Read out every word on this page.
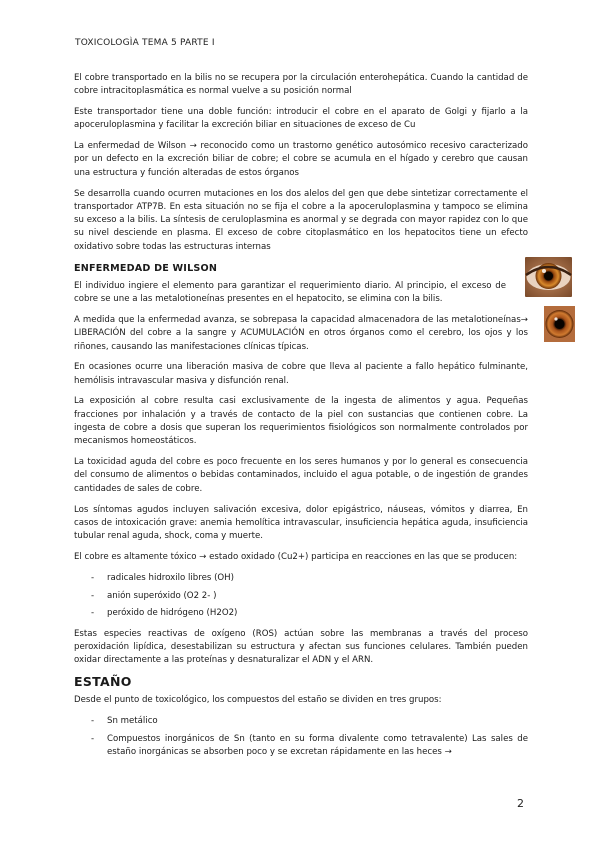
TOXICOLOGÌA TEMA 5 PARTE I

El cobre transportado en la bilis no se recupera por la circulación enterohepática. Cuando la cantidad de cobre intracitoplasmática es normal vuelve a su posición normal

Este transportador tiene una doble función: introducir el cobre en el aparato de Golgi y fijarlo a la apoceruloplasmina y facilitar la excreción biliar en situaciones de exceso de Cu

La enfermedad de Wilson → reconocido como un trastorno genético autosómico recesivo caracterizado por un defecto en la excreción biliar de cobre; el cobre se acumula en el hígado y cerebro que causan una estructura y función alteradas de estos órganos

Se desarrolla cuando ocurren mutaciones en los dos alelos del gen que debe sintetizar correctamente el transportador ATP7B. En esta situación no se fija el cobre a la apoceruloplasmina y tampoco se elimina su exceso a la bilis. La síntesis de ceruloplasmina es anormal y se degrada con mayor rapidez con lo que su nivel desciende en plasma. El exceso de cobre citoplasmático en los hepatocitos tiene un efecto oxidativo sobre todas las estructuras internas

ENFERMEDAD DE WILSON

El individuo ingiere el elemento para garantizar el requerimiento diario. Al principio, el exceso de cobre se une a las metalotioneínas presentes en el hepatocito, se elimina con la bilis.

A medida que la enfermedad avanza, se sobrepasa la capacidad almacenadora de las metalotioneínas→ LIBERACIÓN del cobre a la sangre y ACUMULACIÓN en otros órganos como el cerebro, los ojos y los riñones, causando las manifestaciones clínicas típicas.

En ocasiones ocurre una liberación masiva de cobre que lleva al paciente a fallo hepático fulminante, hemólisis intravascular masiva y disfunción renal.

La exposición al cobre resulta casi exclusivamente de la ingesta de alimentos y agua. Pequeñas fracciones por inhalación y a través de contacto de la piel con sustancias que contienen cobre. La ingesta de cobre a dosis que superan los requerimientos fisiológicos son normalmente controlados por mecanismos homeostáticos.

La toxicidad aguda del cobre es poco frecuente en los seres humanos y por lo general es consecuencia del consumo de alimentos o bebidas contaminados, incluido el agua potable, o de ingestión de grandes cantidades de sales de cobre.

Los síntomas agudos incluyen salivación excesiva, dolor epigástrico, náuseas, vómitos y diarrea, En casos de intoxicación grave: anemia hemolítica intravascular, insuficiencia hepática aguda, insuficiencia tubular renal aguda, shock, coma y muerte.

El cobre es altamente tóxico → estado oxidado (Cu2+) participa en reacciones en las que se producen:

- radicales hidroxilo libres (OH)
- anión superóxido (O2 2- )
- peróxido de hidrógeno (H2O2)

Estas especies reactivas de oxígeno (ROS) actúan sobre las membranas a través del proceso peroxidación lipídica, desestabilizan su estructura y afectan sus funciones celulares. También pueden oxidar directamente a las proteínas y desnaturalizar el ADN y el ARN.

ESTAÑO

Desde el punto de toxicológico, los compuestos del estaño se dividen en tres grupos:

- Sn metálico
- Compuestos inorgánicos de Sn (tanto en su forma divalente como tetravalente) Las sales de estaño inorgánicas se absorben poco y se excretan rápidamente en las heces →
2
